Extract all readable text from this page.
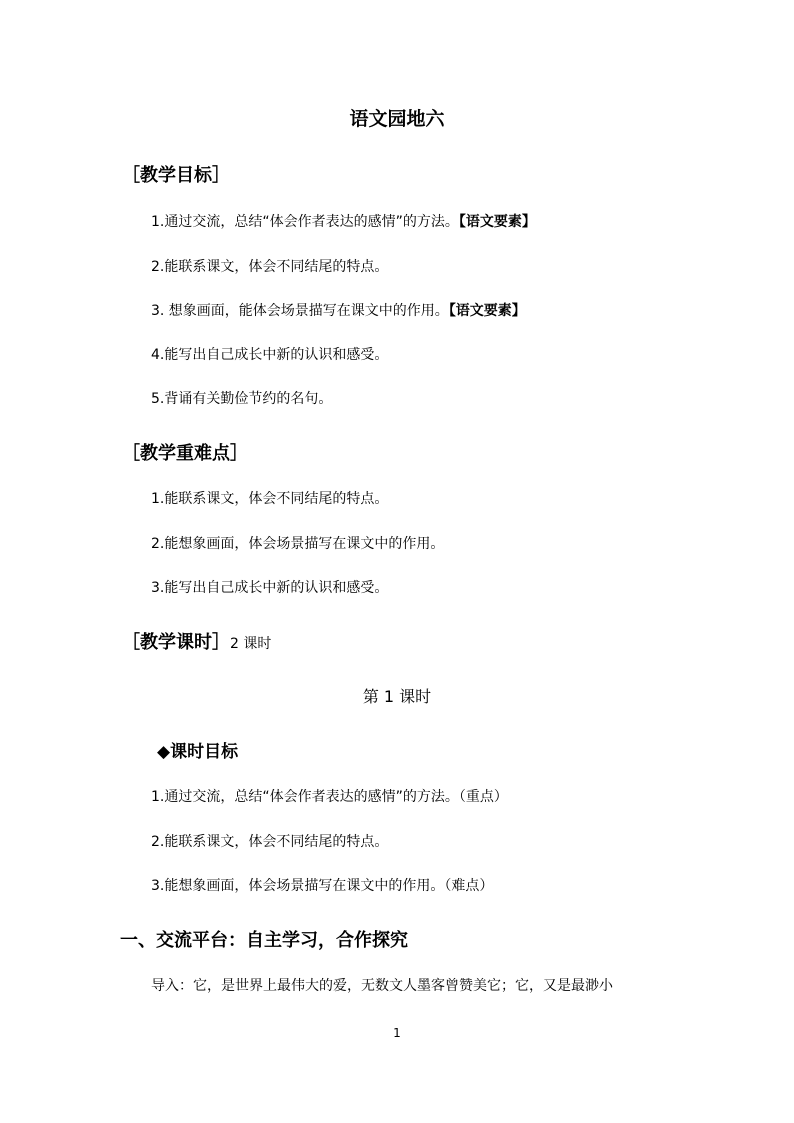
语文园地六
［教学目标］
1.通过交流，总结“体会作者表达的感情”的方法。【语文要素】
2.能联系课文，体会不同结尾的特点。
3. 想象画面，能体会场景描写在课文中的作用。【语文要素】
4.能写出自己成长中新的认识和感受。
5.背诵有关勤俭节约的名句。
［教学重难点］
1.能联系课文，体会不同结尾的特点。
2.能想象画面，体会场景描写在课文中的作用。
3.能写出自己成长中新的认识和感受。
［教学课时］2 课时
第 1 课时
◆课时目标
1.通过交流，总结“体会作者表达的感情”的方法。（重点）
2.能联系课文，体会不同结尾的特点。
3.能想象画面，体会场景描写在课文中的作用。（难点）
一、交流平台：自主学习，合作探究
导入：它，是世界上最伟大的爱，无数文人墨客曾赞美它；它，又是最渺小
1
